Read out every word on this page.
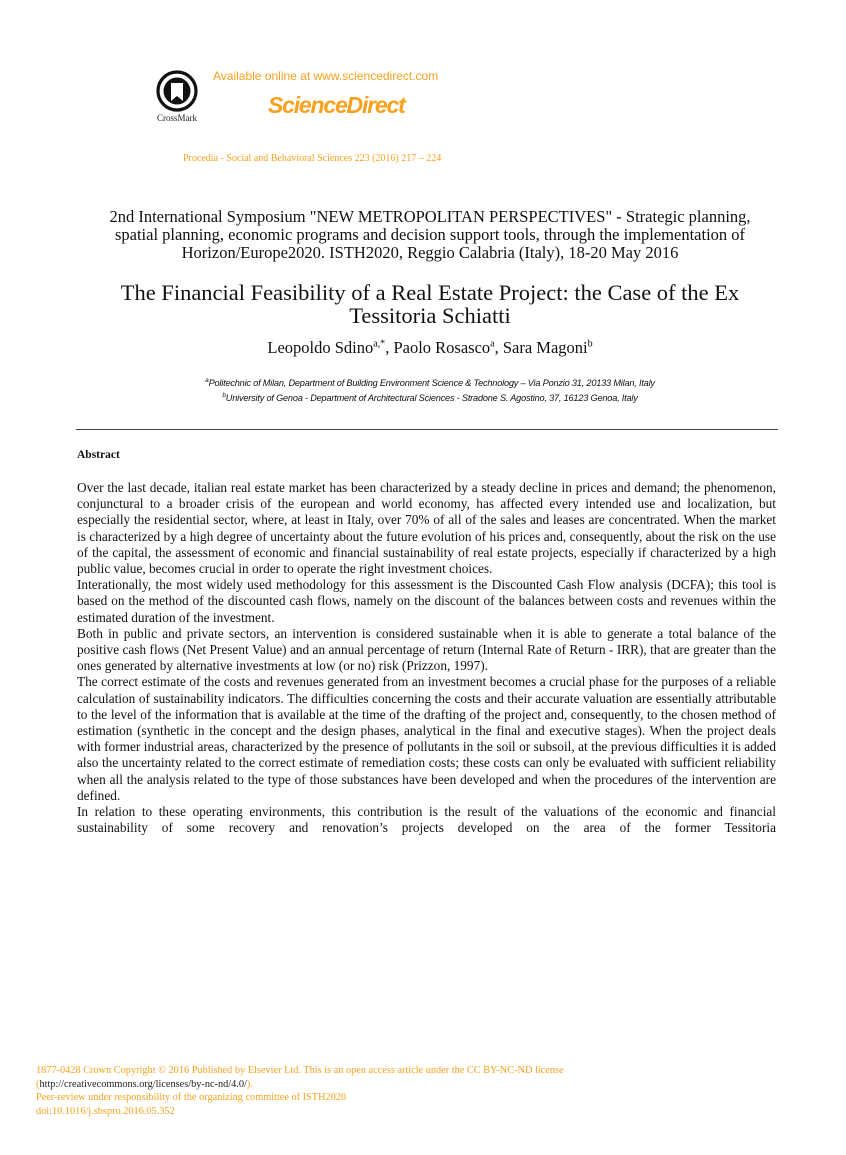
CrossMark
Available online at www.sciencedirect.com
ScienceDirect
Procedia - Social and Behavioral Sciences 223 (2016) 217 – 224
2nd International Symposium "NEW METROPOLITAN PERSPECTIVES" - Strategic planning,
spatial planning, economic programs and decision support tools, through the implementation of
Horizon/Europe2020. ISTH2020, Reggio Calabria (Italy), 18-20 May 2016
The Financial Feasibility of a Real Estate Project: the Case of the Ex
Tessitoria Schiatti
Leopoldo Sdino$^{a,*}$, Paolo Rosasco$^a$, Sara Magoni$^b$
$^a$Politechnic of Milan, Department of Building Environment Science & Technology – Via Ponzio 31, 20133 Milan, Italy
$^b$University of Genoa - Department of Architectural Sciences - Stradone S. Agostino, 37, 16123 Genoa, Italy
Abstract

Over the last decade, italian real estate market has been characterized by a steady decline in prices and demand; the phenomenon, conjunctural to a broader crisis of the european and world economy, has affected every intended use and localization, but especially the residential sector, where, at least in Italy, over 70% of all of the sales and leases are concentrated. When the market is characterized by a high degree of uncertainty about the future evolution of his prices and, consequently, about the risk on the use of the capital, the assessment of economic and financial sustainability of real estate projects, especially if characterized by a high public value, becomes crucial in order to operate the right investment choices.

Interationally, the most widely used methodology for this assessment is the Discounted Cash Flow analysis (DCFA); this tool is based on the method of the discounted cash flows, namely on the discount of the balances between costs and revenues within the estimated duration of the investment.

Both in public and private sectors, an intervention is considered sustainable when it is able to generate a total balance of the positive cash flows (Net Present Value) and an annual percentage of return (Internal Rate of Return - IRR), that are greater than the ones generated by alternative investments at low (or no) risk (Prizzon, 1997).

The correct estimate of the costs and revenues generated from an investment becomes a crucial phase for the purposes of a reliable calculation of sustainability indicators. The difficulties concerning the costs and their accurate valuation are essentially attributable to the level of the information that is available at the time of the drafting of the project and, consequently, to the chosen method of estimation (synthetic in the concept and the design phases, analytical in the final and executive stages). When the project deals with former industrial areas, characterized by the presence of pollutants in the soil or subsoil, at the previous difficulties it is added also the uncertainty related to the correct estimate of remediation costs; these costs can only be evaluated with sufficient reliability when all the analysis related to the type of those substances have been developed and when the procedures of the intervention are defined.

In relation to these operating environments, this contribution is the result of the valuations of the economic and financial sustainability of some recovery and renovation’s projects developed on the area of the former Tessitoria

1877-0428 Crown Copyright © 2016 Published by Elsevier Ltd. This is an open access article under the CC BY-NC-ND license
(http://creativecommons.org/licenses/by-nc-nd/4.0/).
Peer-review under responsibility of the organizing committee of ISTH2020
doi:10.1016/j.sbspro.2016.05.352
